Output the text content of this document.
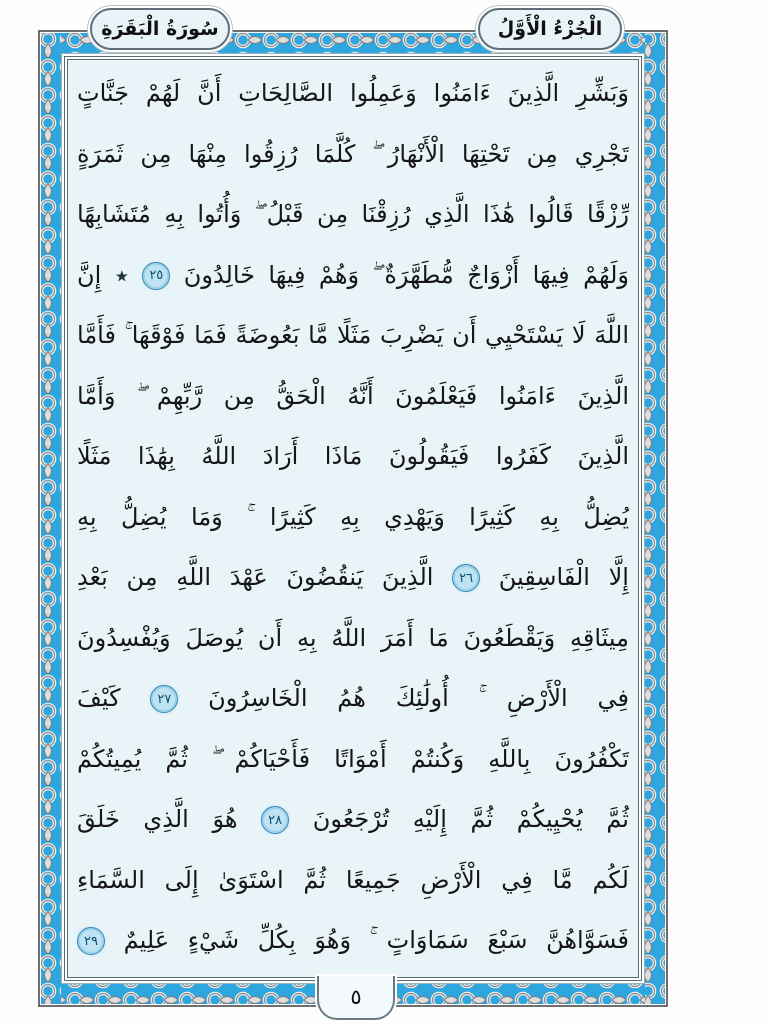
سُورَةُ الْبَقَرَةِ	الْجُزْءُ الْأَوَّلُ
وَبَشِّرِ الَّذِينَ ءَامَنُوا وَعَمِلُوا الصَّالِحَاتِ أَنَّ لَهُمْ جَنَّاتٍ
تَجْرِي مِن تَحْتِهَا الْأَنْهَارُ ۖ كُلَّمَا رُزِقُوا مِنْهَا مِن ثَمَرَةٍ
رِّزْقًا قَالُوا هَٰذَا الَّذِي رُزِقْنَا مِن قَبْلُ ۖ وَأُتُوا بِهِ مُتَشَابِهًا
وَلَهُمْ فِيهَا أَزْوَاجٌ مُّطَهَّرَةٌ ۖ وَهُمْ فِيهَا خَالِدُونَ ٢٥ ٭ إِنَّ
اللَّهَ لَا يَسْتَحْيِي أَن يَضْرِبَ مَثَلًا مَّا بَعُوضَةً فَمَا فَوْقَهَا ۚ فَأَمَّا
الَّذِينَ ءَامَنُوا فَيَعْلَمُونَ أَنَّهُ الْحَقُّ مِن رَّبِّهِمْ ۖ وَأَمَّا
الَّذِينَ كَفَرُوا فَيَقُولُونَ مَاذَا أَرَادَ اللَّهُ بِهَٰذَا مَثَلًا
يُضِلُّ بِهِ كَثِيرًا وَيَهْدِي بِهِ كَثِيرًا ۚ وَمَا يُضِلُّ بِهِ
إِلَّا الْفَاسِقِينَ ٢٦ الَّذِينَ يَنقُضُونَ عَهْدَ اللَّهِ مِن بَعْدِ
مِيثَاقِهِ وَيَقْطَعُونَ مَا أَمَرَ اللَّهُ بِهِ أَن يُوصَلَ وَيُفْسِدُونَ
فِي الْأَرْضِ ۚ أُولَٰئِكَ هُمُ الْخَاسِرُونَ ٢٧ كَيْفَ
تَكْفُرُونَ بِاللَّهِ وَكُنتُمْ أَمْوَاتًا فَأَحْيَاكُمْ ۖ ثُمَّ يُمِيتُكُمْ
ثُمَّ يُحْيِيكُمْ ثُمَّ إِلَيْهِ تُرْجَعُونَ ٢٨ هُوَ الَّذِي خَلَقَ
لَكُم مَّا فِي الْأَرْضِ جَمِيعًا ثُمَّ اسْتَوَىٰ إِلَى السَّمَاءِ
فَسَوَّاهُنَّ سَبْعَ سَمَاوَاتٍ ۚ وَهُوَ بِكُلِّ شَيْءٍ عَلِيمٌ ٢٩
٥
